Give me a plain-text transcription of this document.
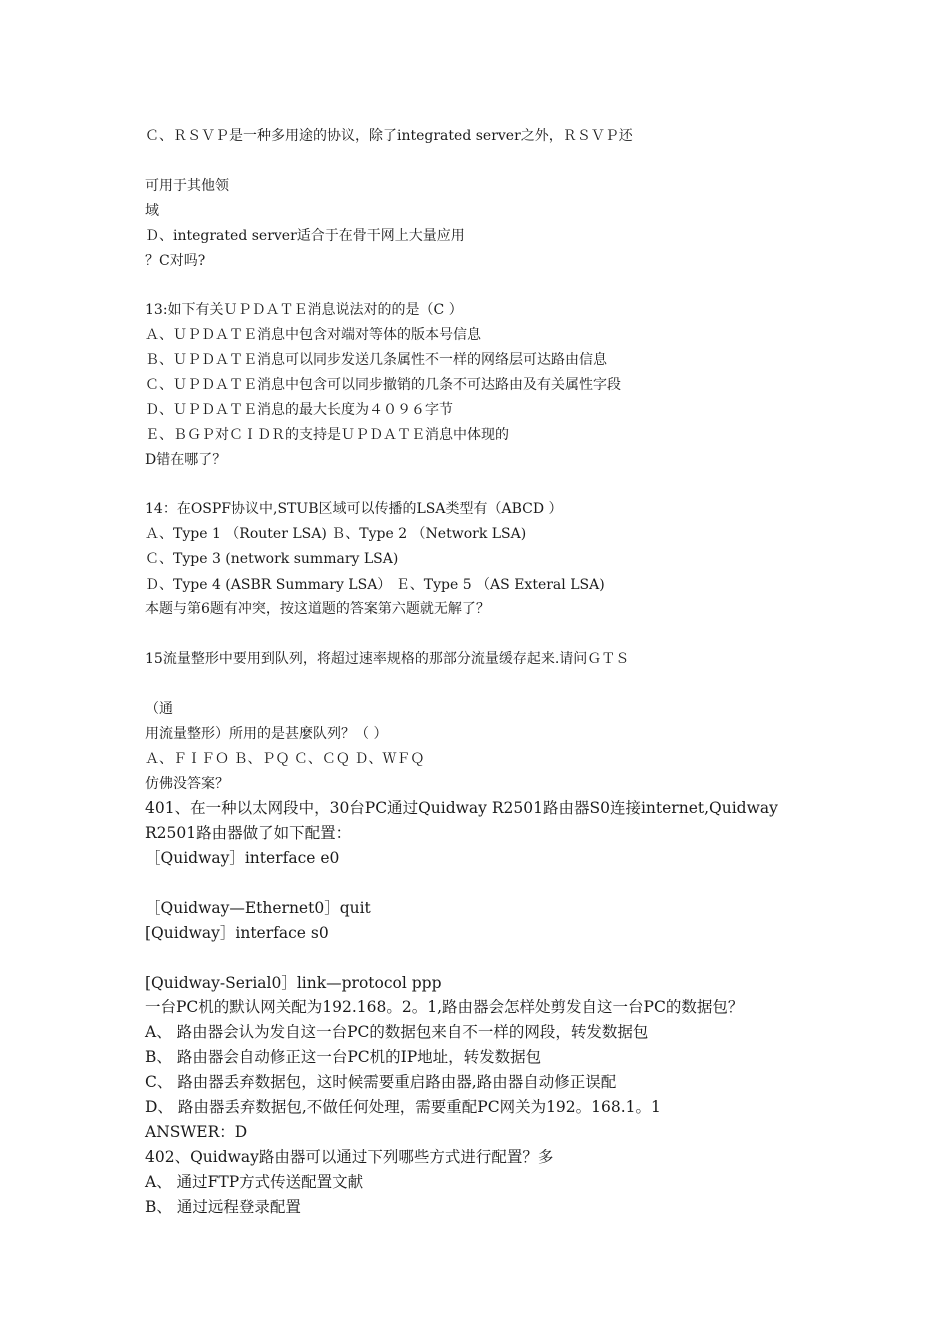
Ｃ、ＲＳＶＰ是一种多用途的协议，除了integrated server之外，ＲＳＶＰ还
可用于其他领
域
Ｄ、integrated server适合于在骨干网上大量应用
？C对吗?
13:如下有关ＵＰＤＡＴＥ消息说法对的的是（C ）
Ａ、ＵＰＤＡＴＥ消息中包含对端对等体的版本号信息
Ｂ、ＵＰＤＡＴＥ消息可以同步发送几条属性不一样的网络层可达路由信息
Ｃ、ＵＰＤＡＴＥ消息中包含可以同步撤销的几条不可达路由及有关属性字段
Ｄ、ＵＰＤＡＴＥ消息的最大长度为４０９６字节
Ｅ、ＢＧＰ对ＣＩＤＲ的支持是ＵＰＤＡＴＥ消息中体现的
D错在哪了？
14：在OSPF协议中,STUB区域可以传播的LSA类型有（ABCD ）
Ａ、Type 1 （Router LSA) Ｂ、Type 2 （Network LSA)
Ｃ、Type 3 (network summary LSA)
Ｄ、Type 4 (ASBR Summary LSA） Ｅ、Type 5 （AS Exteral LSA)
本题与第6题有冲突，按这道题的答案第六题就无解了？
15流量整形中要用到队列，将超过速率规格的那部分流量缓存起来.请问ＧＴＳ
（通
用流量整形）所用的是甚麼队列？（ ）
Ａ、ＦＩＦＯ Ｂ、ＰＱ Ｃ、ＣＱ Ｄ、ＷＦＱ
仿佛没答案？
401、在一种以太网段中，30台PC通过Quidway R2501路由器S0连接internet,Quidway
R2501路由器做了如下配置：
［Quidway］interface e0
［Quidway—Ethernet0］quit
[Quidway］interface s0
[Quidway-Serial0］link—protocol ppp
一台PC机的默认网关配为192.168。2。1,路由器会怎样处剪发自这一台PC的数据包？
A、 路由器会认为发自这一台PC的数据包来自不一样的网段，转发数据包
B、 路由器会自动修正这一台PC机的IP地址，转发数据包
C、 路由器丢弃数据包，这时候需要重启路由器,路由器自动修正误配
D、 路由器丢弃数据包,不做任何处理，需要重配PC网关为192。168.1。1
ANSWER：D
402、Quidway路由器可以通过下列哪些方式进行配置？多
A、 通过FTP方式传送配置文献
B、 通过远程登录配置
